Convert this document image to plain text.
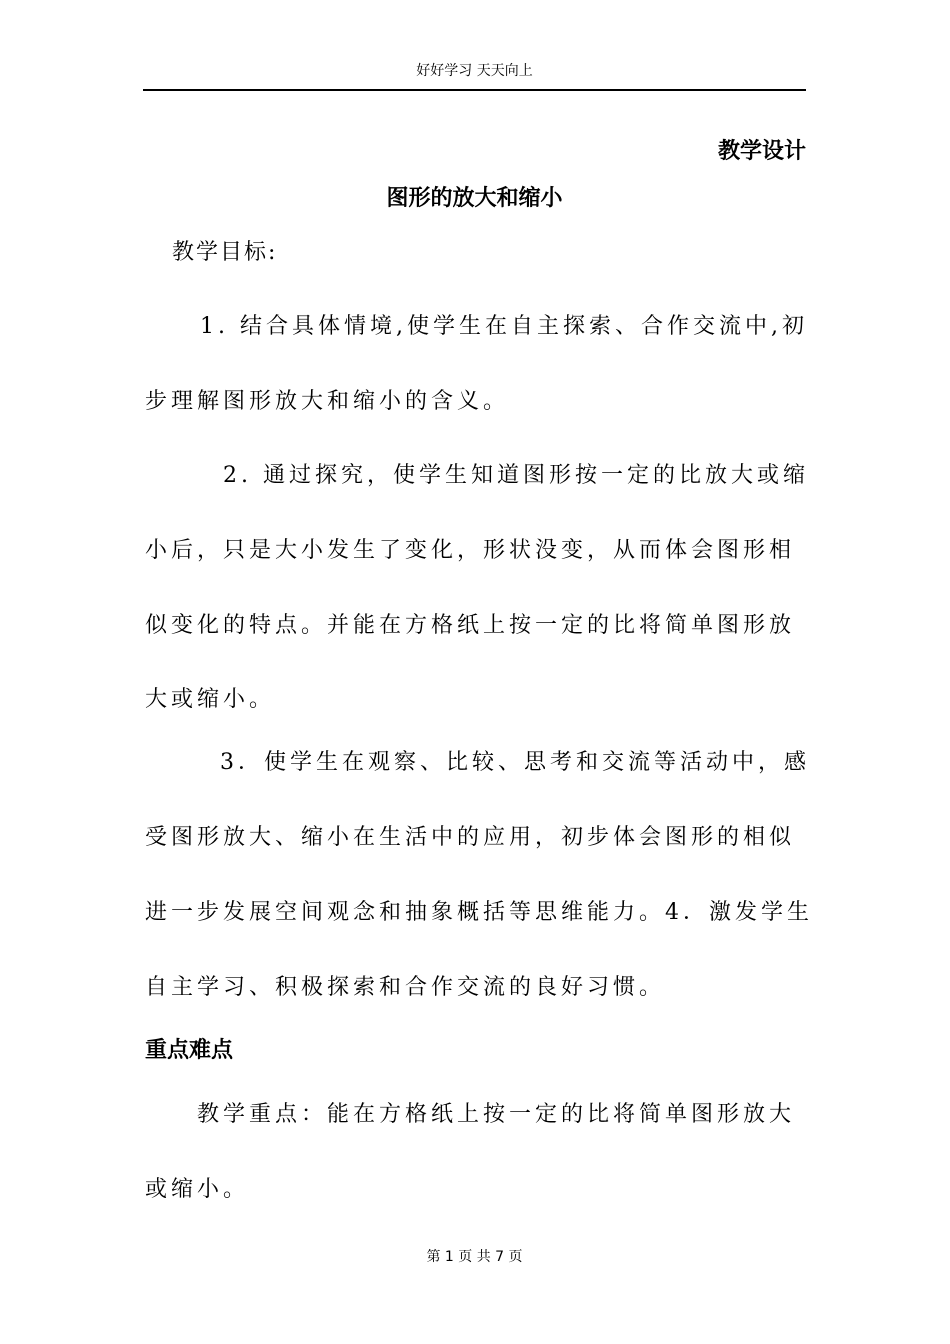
好好学习 天天向上
教学设计
图形的放大和缩小
教学目标:
1. 结合具体情境,使学生在自主探索、合作交流中,初
步理解图形放大和缩小的含义。
2. 通过探究，使学生知道图形按一定的比放大或缩
小后，只是大小发生了变化，形状没变，从而体会图形相
似变化的特点。并能在方格纸上按一定的比将简单图形放
大或缩小。
3．使学生在观察、比较、思考和交流等活动中，感
受图形放大、缩小在生活中的应用，初步体会图形的相似
进一步发展空间观念和抽象概括等思维能力。4．激发学生
自主学习、积极探索和合作交流的良好习惯。
重点难点
教学重点：能在方格纸上按一定的比将简单图形放大
或缩小。
第 1 页 共 7 页
